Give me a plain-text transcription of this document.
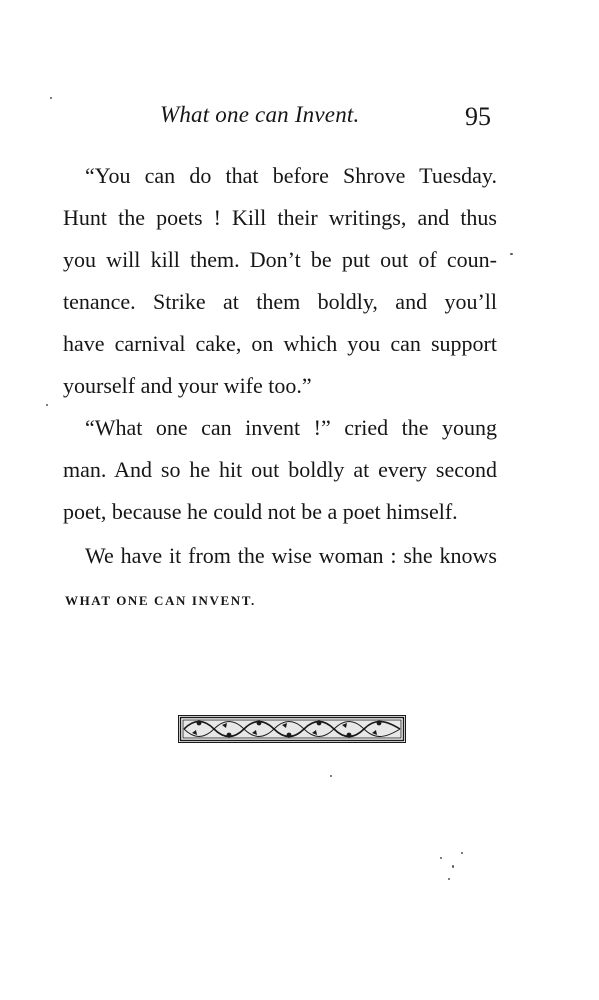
What one can Invent.	95
“You can do that before Shrove Tuesday.
Hunt the poets ! Kill their writings, and thus
you will kill them. Don’t be put out of coun-
tenance. Strike at them boldly, and you’ll
have carnival cake, on which you can support
yourself and your wife too.”
“What one can invent !” cried the young
man. And so he hit out boldly at every second
poet, because he could not be a poet himself.
We have it from the wise woman : she knows
WHAT ONE CAN INVENT.
